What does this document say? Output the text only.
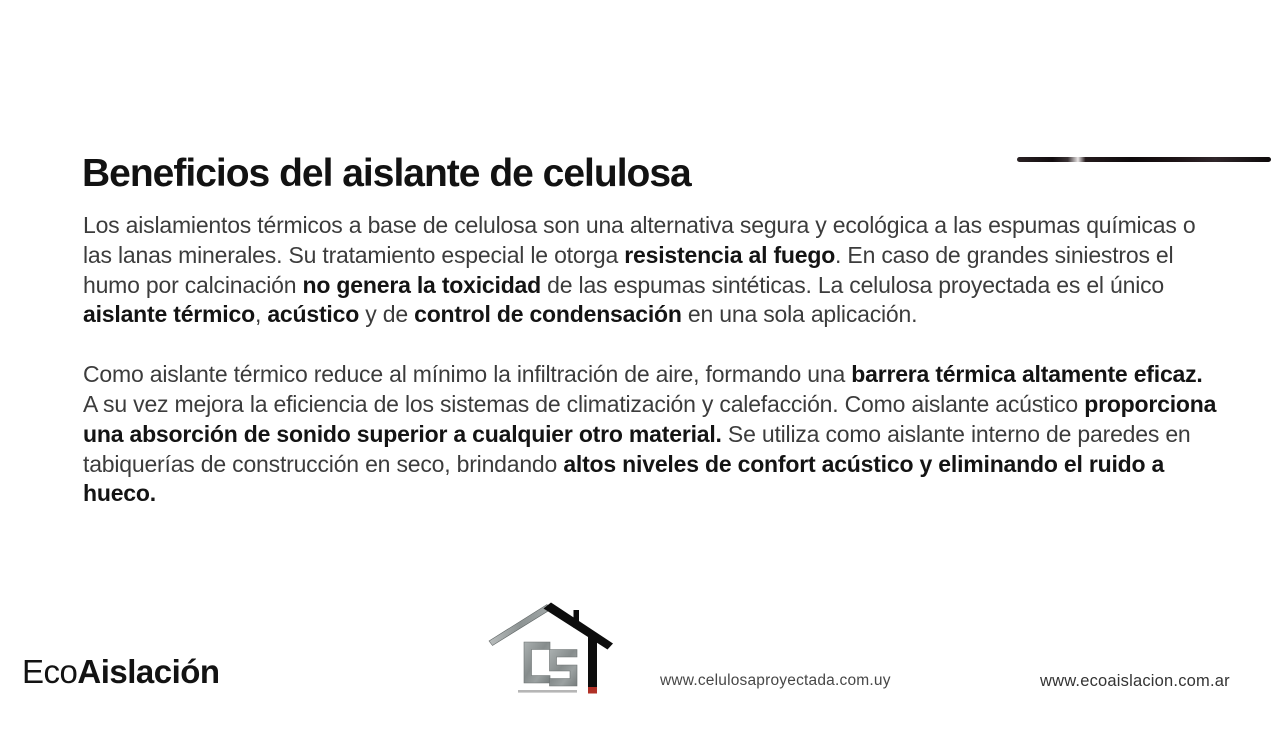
Beneficios del aislante de celulosa

Los aislamientos térmicos a base de celulosa son una alternativa segura y ecológica a las espumas químicas o las lanas minerales. Su tratamiento especial le otorga resistencia al fuego. En caso de grandes siniestros el humo por calcinación no genera la toxicidad de las espumas sintéticas. La celulosa proyectada es el único aislante térmico, acústico y de control de condensación en una sola aplicación.

Como aislante térmico reduce al mínimo la infiltración de aire, formando una barrera térmica altamente eficaz. A su vez mejora la eficiencia de los sistemas de climatización y calefacción. Como aislante acústico proporciona una absorción de sonido superior a cualquier otro material. Se utiliza como aislante interno de paredes en tabiquerías de construcción en seco, brindando altos niveles de confort acústico y eliminando el ruido a hueco.

EcoAislación	www.celulosaproyectada.com.uy	www.ecoaislacion.com.ar
